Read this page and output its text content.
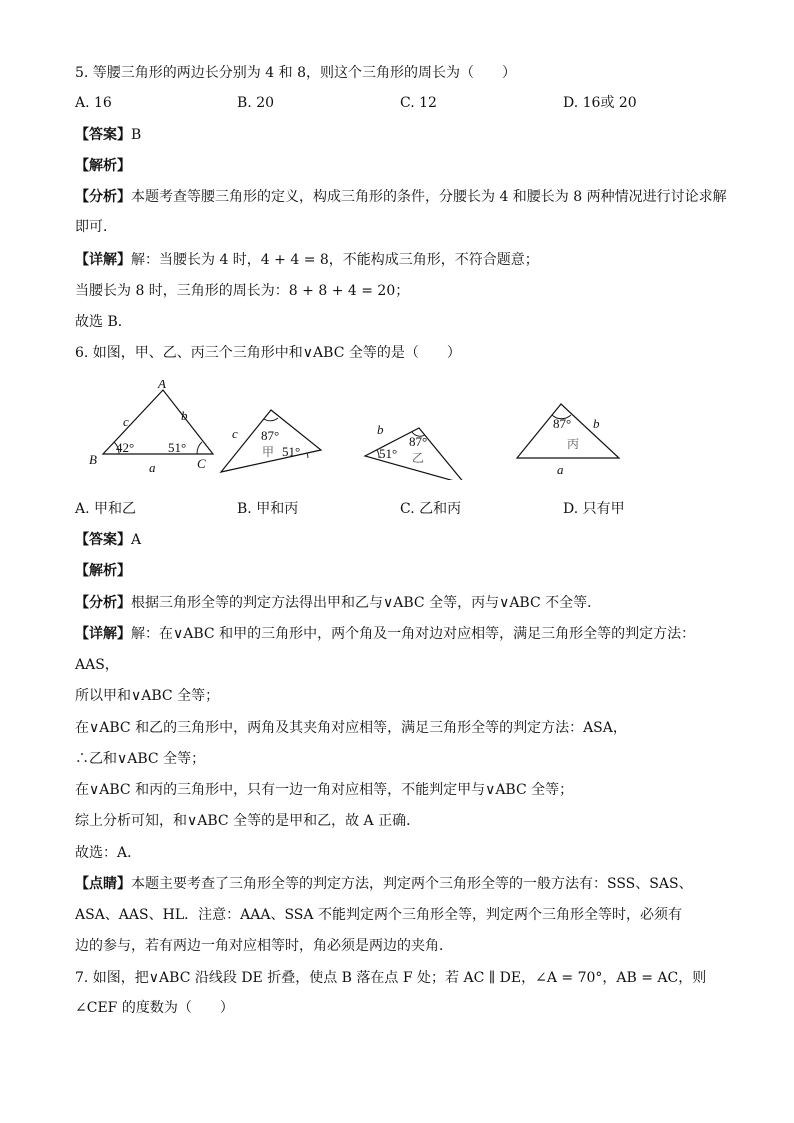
5. 等腰三角形的两边长分别为 4 和 8，则这个三角形的周长为（　　）
A. 16	B. 20	C. 12	D. 16或 20
【答案】B
【解析】
【分析】本题考查等腰三角形的定义，构成三角形的条件，分腰长为 4 和腰长为 8 两种情况进行讨论求解
即可．
【详解】解：当腰长为 4 时，4 + 4 = 8，不能构成三角形，不符合题意；
当腰长为 8 时，三角形的周长为：8 + 8 + 4 = 20；
故选 B．
6. 如图，甲、乙、丙三个三角形中和∨ABC 全等的是（　　）
A
B	C
a
b
c
42°	51°
c 87°
甲 51°
b
87°
51° 乙
87°
丙
b
a
A. 甲和乙	B. 甲和丙	C. 乙和丙	D. 只有甲
【答案】A
【解析】
【分析】根据三角形全等的判定方法得出甲和乙与∨ABC 全等，丙与∨ABC 不全等．
【详解】解：在∨ABC 和甲的三角形中，两个角及一角对边对应相等，满足三角形全等的判定方法：
AAS，
所以甲和∨ABC 全等；
在∨ABC 和乙的三角形中，两角及其夹角对应相等，满足三角形全等的判定方法：ASA，
∴乙和∨ABC 全等；
在∨ABC 和丙的三角形中，只有一边一角对应相等，不能判定甲与∨ABC 全等；
综上分析可知，和∨ABC 全等的是甲和乙，故 A 正确．
故选：A．
【点睛】本题主要考查了三角形全等的判定方法，判定两个三角形全等的一般方法有：SSS、SAS、
ASA、AAS、HL．注意：AAA、SSA 不能判定两个三角形全等，判定两个三角形全等时，必须有
边的参与，若有两边一角对应相等时，角必须是两边的夹角．
7. 如图，把∨ABC 沿线段 DE 折叠，使点 B 落在点 F 处；若 AC ∥ DE，∠A = 70°，AB = AC，则
∠CEF 的度数为（　　）
